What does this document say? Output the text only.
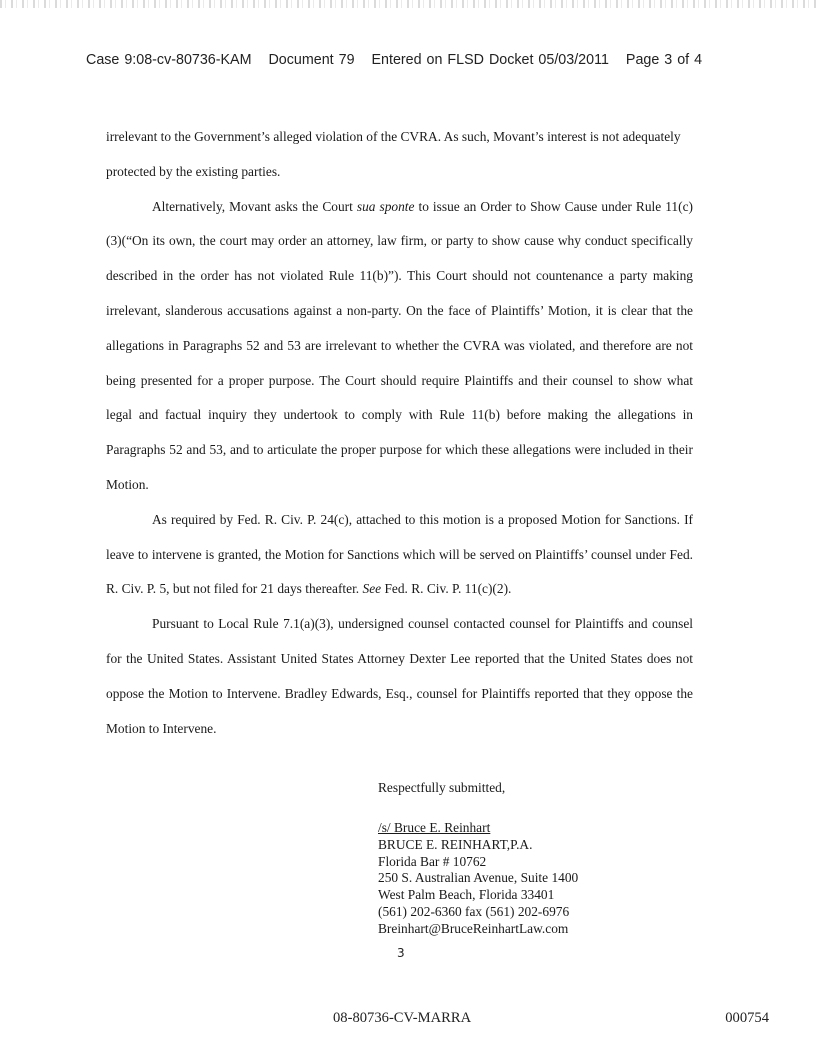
Case 9:08-cv-80736-KAM Document 79 Entered on FLSD Docket 05/03/2011 Page 3 of 4

irrelevant to the Government’s alleged violation of the CVRA. As such, Movant’s interest is not adequately protected by the existing parties.

Alternatively, Movant asks the Court sua sponte to issue an Order to Show Cause under Rule 11(c)(3)(“On its own, the court may order an attorney, law firm, or party to show cause why conduct specifically described in the order has not violated Rule 11(b)”). This Court should not countenance a party making irrelevant, slanderous accusations against a non-party. On the face of Plaintiffs’ Motion, it is clear that the allegations in Paragraphs 52 and 53 are irrelevant to whether the CVRA was violated, and therefore are not being presented for a proper purpose. The Court should require Plaintiffs and their counsel to show what legal and factual inquiry they undertook to comply with Rule 11(b) before making the allegations in Paragraphs 52 and 53, and to articulate the proper purpose for which these allegations were included in their Motion.

As required by Fed. R. Civ. P. 24(c), attached to this motion is a proposed Motion for Sanctions. If leave to intervene is granted, the Motion for Sanctions which will be served on Plaintiffs’ counsel under Fed. R. Civ. P. 5, but not filed for 21 days thereafter. See Fed. R. Civ. P. 11(c)(2).

Pursuant to Local Rule 7.1(a)(3), undersigned counsel contacted counsel for Plaintiffs and counsel for the United States. Assistant United States Attorney Dexter Lee reported that the United States does not oppose the Motion to Intervene. Bradley Edwards, Esq., counsel for Plaintiffs reported that they oppose the Motion to Intervene.

Respectfully submitted,
/s/ Bruce E. Reinhart
BRUCE E. REINHART,P.A.
Florida Bar # 10762
250 S. Australian Avenue, Suite 1400
West Palm Beach, Florida 33401
(561) 202-6360 fax (561) 202-6976
Breinhart@BruceReinhartLaw.com
3
08-80736-CV-MARRA	000754
